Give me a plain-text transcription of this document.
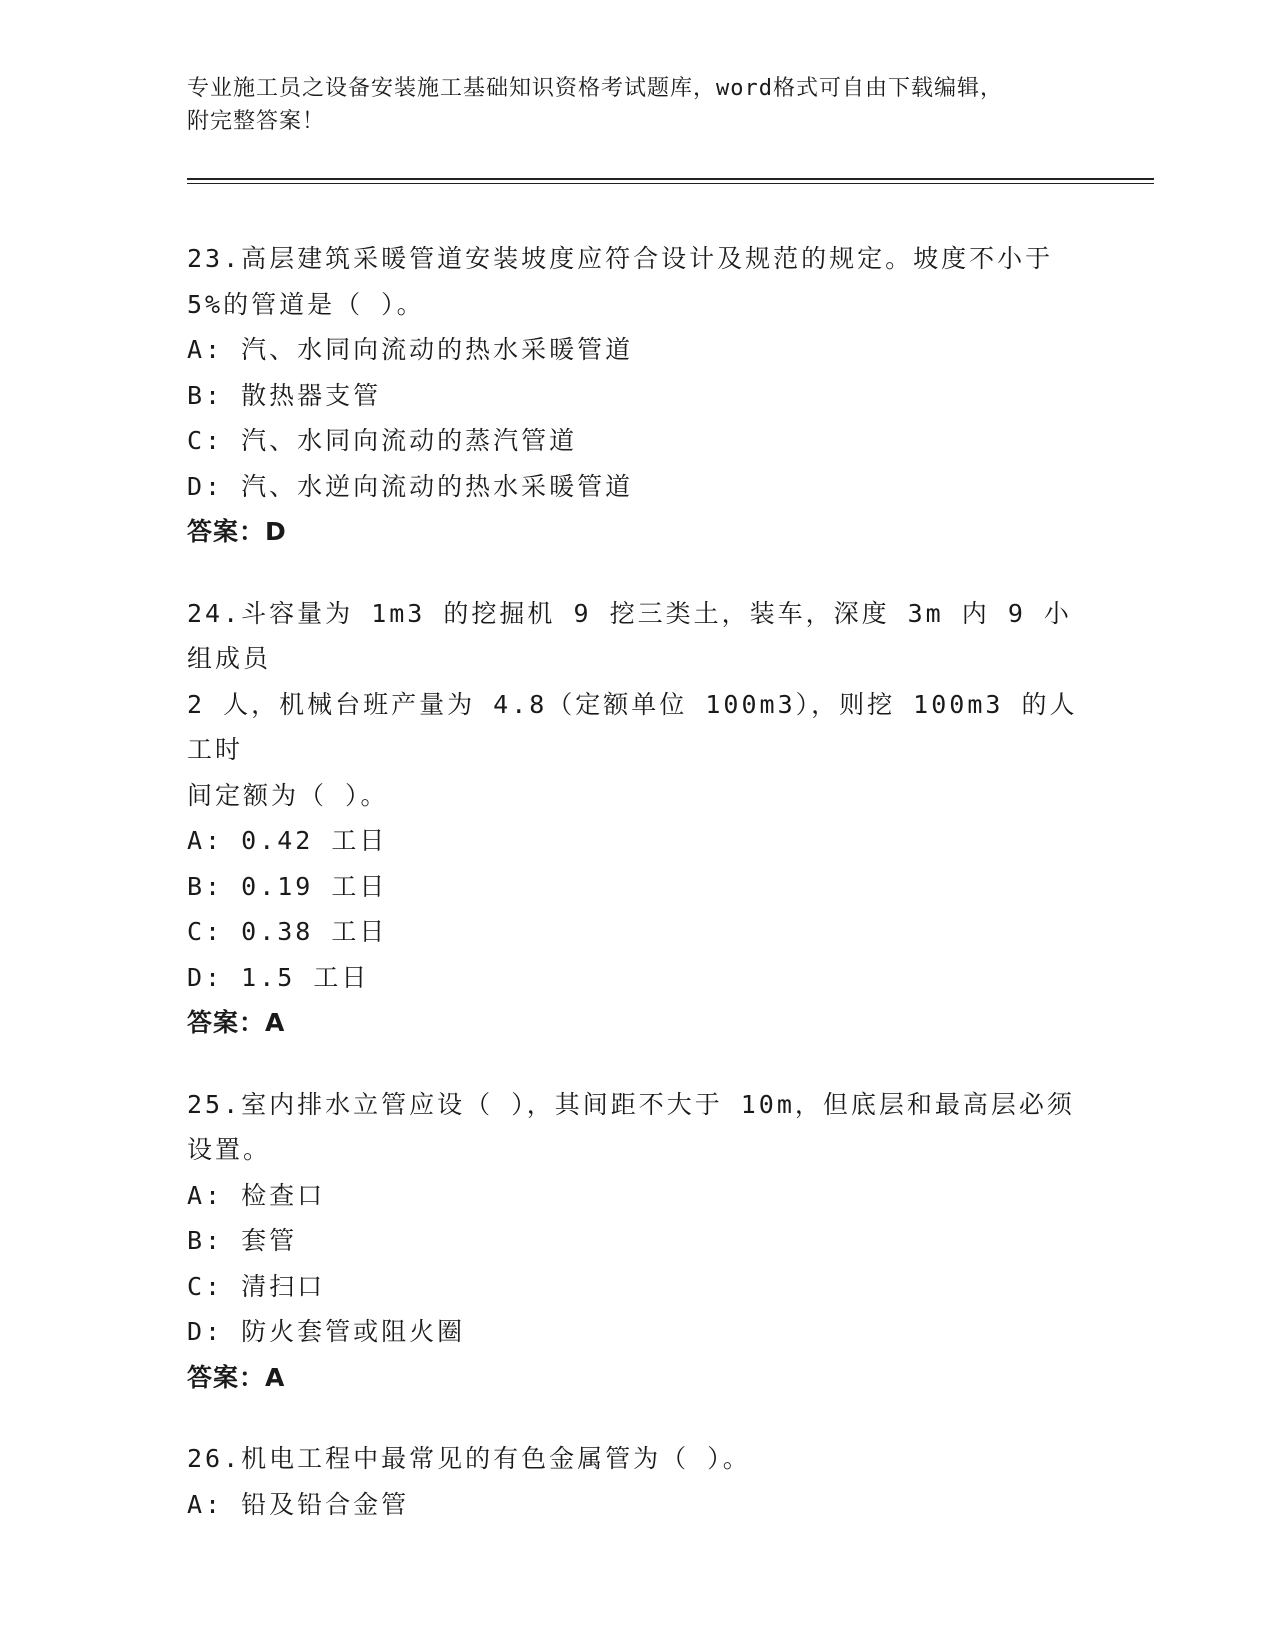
专业施工员之设备安装施工基础知识资格考试题库，word格式可自由下载编辑，
附完整答案！
23.高层建筑采暖管道安装坡度应符合设计及规范的规定。坡度不小于
5%的管道是（ ）。
A: 汽、水同向流动的热水采暖管道
B: 散热器支管
C: 汽、水同向流动的蒸汽管道
D: 汽、水逆向流动的热水采暖管道
答案：D
24.斗容量为 1m3 的挖掘机 9 挖三类土，装车，深度 3m 内 9 小组成员
2 人，机械台班产量为 4.8（定额单位 100m3），则挖 100m3 的人工时
间定额为（ ）。
A: 0.42 工日
B: 0.19 工日
C: 0.38 工日
D: 1.5 工日
答案：A
25.室内排水立管应设（ ），其间距不大于 10m，但底层和最高层必须
设置。
A: 检查口
B: 套管
C: 清扫口
D: 防火套管或阻火圈
答案：A
26.机电工程中最常见的有色金属管为（ ）。
A: 铅及铅合金管
